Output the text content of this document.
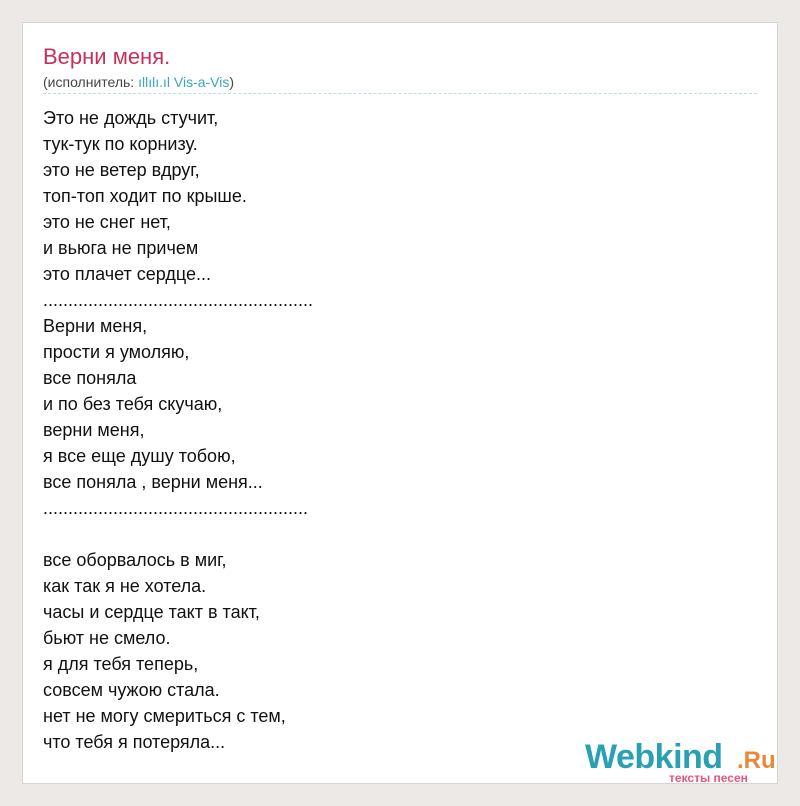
Верни меня.
(исполнитель: ıllılı.ıl Vis-a-Vis)
Это не дождь стучит,
тук-тук по корнизу.
это не ветер вдруг,
топ-топ ходит по крыше.
это не снег нет,
и вьюга не причем
это плачет сердце...
......................................................
Верни меня,
прости я умоляю,
все поняла
и по без тебя скучаю,
верни меня,
я все еще душу тобою,
все поняла , верни меня...
.....................................................
все оборвалось в миг,
как так я не хотела.
часы и сердце такт в такт,
бьют не смело.
я для тебя теперь,
совсем чужою стала.
нет не могу смериться с тем,
что тебя я потеряла...	Webkind .Ru
тексты песен
